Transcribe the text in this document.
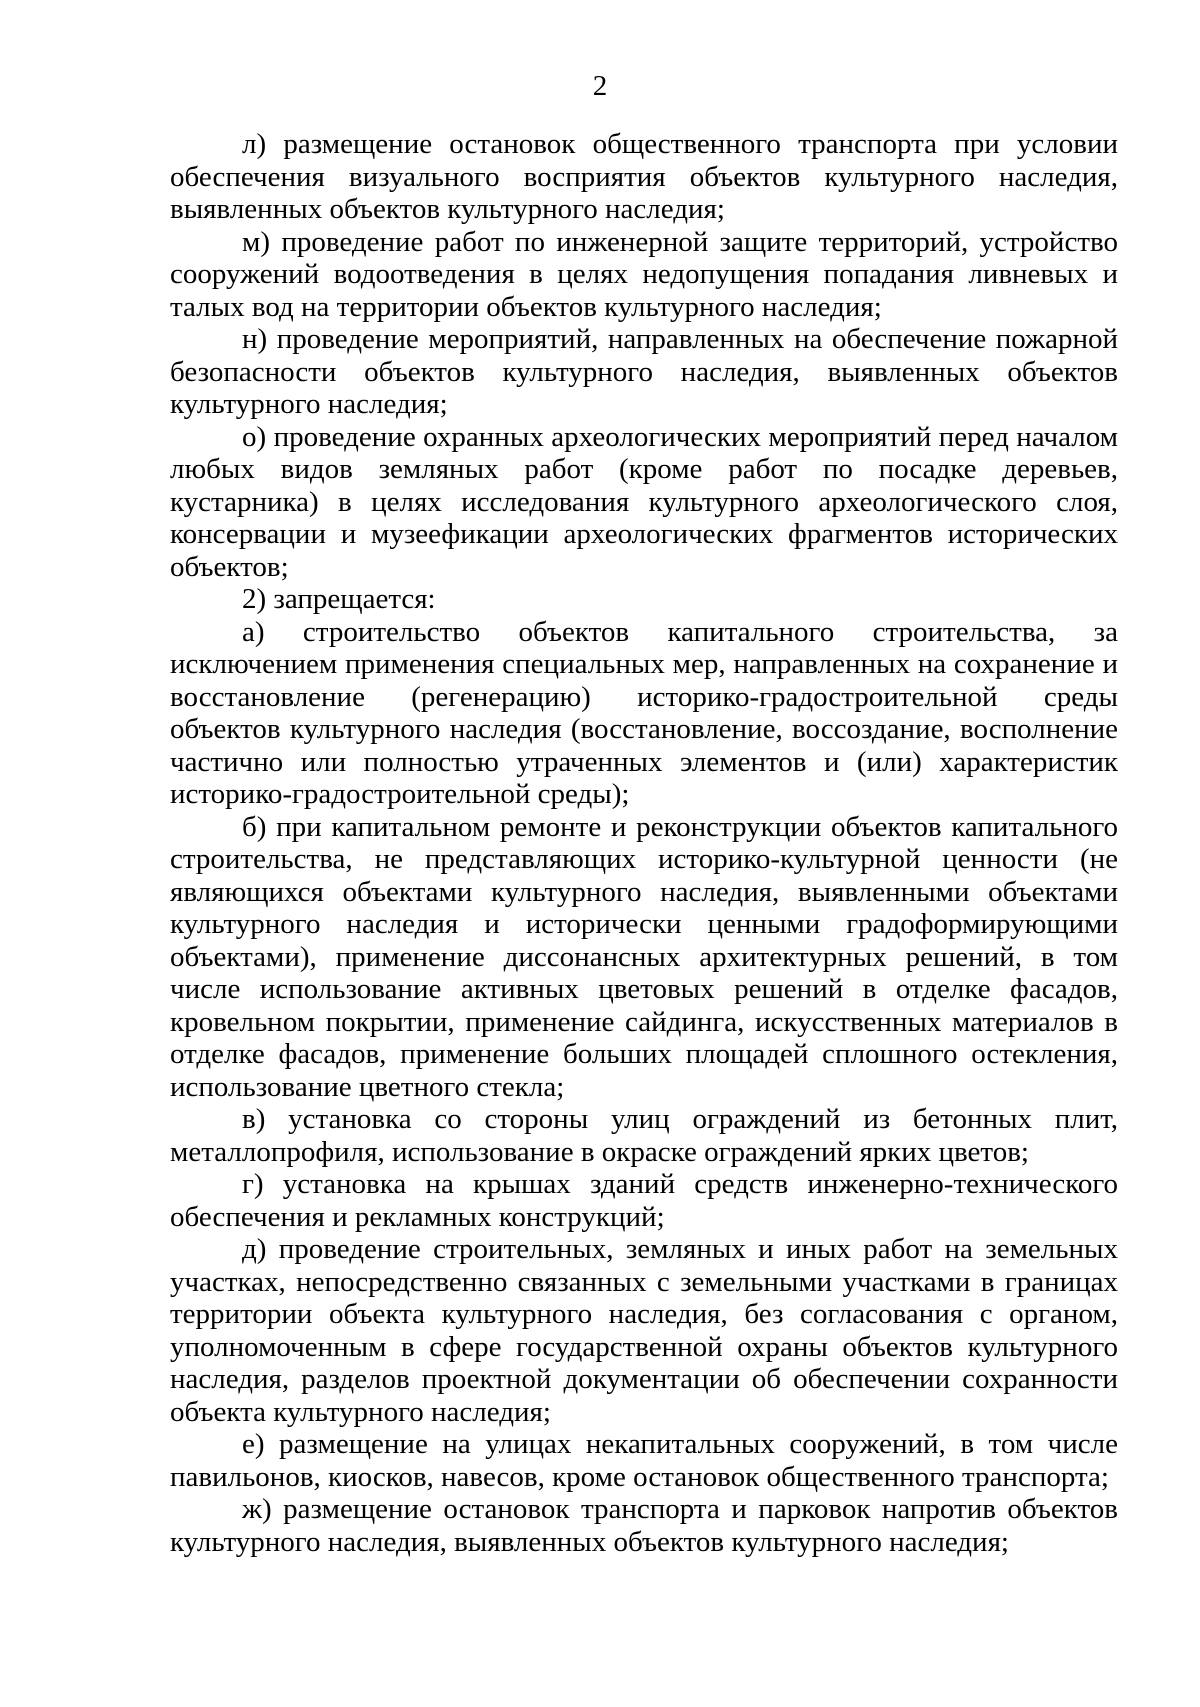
2

л) размещение остановок общественного транспорта при условии обеспечения визуального восприятия объектов культурного наследия, выявленных объектов культурного наследия;

м) проведение работ по инженерной защите территорий, устройство сооружений водоотведения в целях недопущения попадания ливневых и талых вод на территории объектов культурного наследия;

н) проведение мероприятий, направленных на обеспечение пожарной безопасности объектов культурного наследия, выявленных объектов культурного наследия;

о) проведение охранных археологических мероприятий перед началом любых видов земляных работ (кроме работ по посадке деревьев, кустарника) в целях исследования культурного археологического слоя, консервации и музеефикации археологических фрагментов исторических объектов;

2) запрещается:

а) строительство объектов капитального строительства, за исключением применения специальных мер, направленных на сохранение и восстановление (регенерацию) историко-градостроительной среды объектов культурного наследия (восстановление, воссоздание, восполнение частично или полностью утраченных элементов и (или) характеристик историко-градостроительной среды);

б) при капитальном ремонте и реконструкции объектов капитального строительства, не представляющих историко-культурной ценности (не являющихся объектами культурного наследия, выявленными объектами культурного наследия и исторически ценными градоформирующими объектами), применение диссонансных архитектурных решений, в том числе использование активных цветовых решений в отделке фасадов, кровельном покрытии, применение сайдинга, искусственных материалов в отделке фасадов, применение больших площадей сплошного остекления, использование цветного стекла;

в) установка со стороны улиц ограждений из бетонных плит, металлопрофиля, использование в окраске ограждений ярких цветов;

г) установка на крышах зданий средств инженерно-технического обеспечения и рекламных конструкций;

д) проведение строительных, земляных и иных работ на земельных участках, непосредственно связанных с земельными участками в границах территории объекта культурного наследия, без согласования с органом, уполномоченным в сфере государственной охраны объектов культурного наследия, разделов проектной документации об обеспечении сохранности объекта культурного наследия;

е) размещение на улицах некапитальных сооружений, в том числе павильонов, киосков, навесов, кроме остановок общественного транспорта;

ж) размещение остановок транспорта и парковок напротив объектов культурного наследия, выявленных объектов культурного наследия;
